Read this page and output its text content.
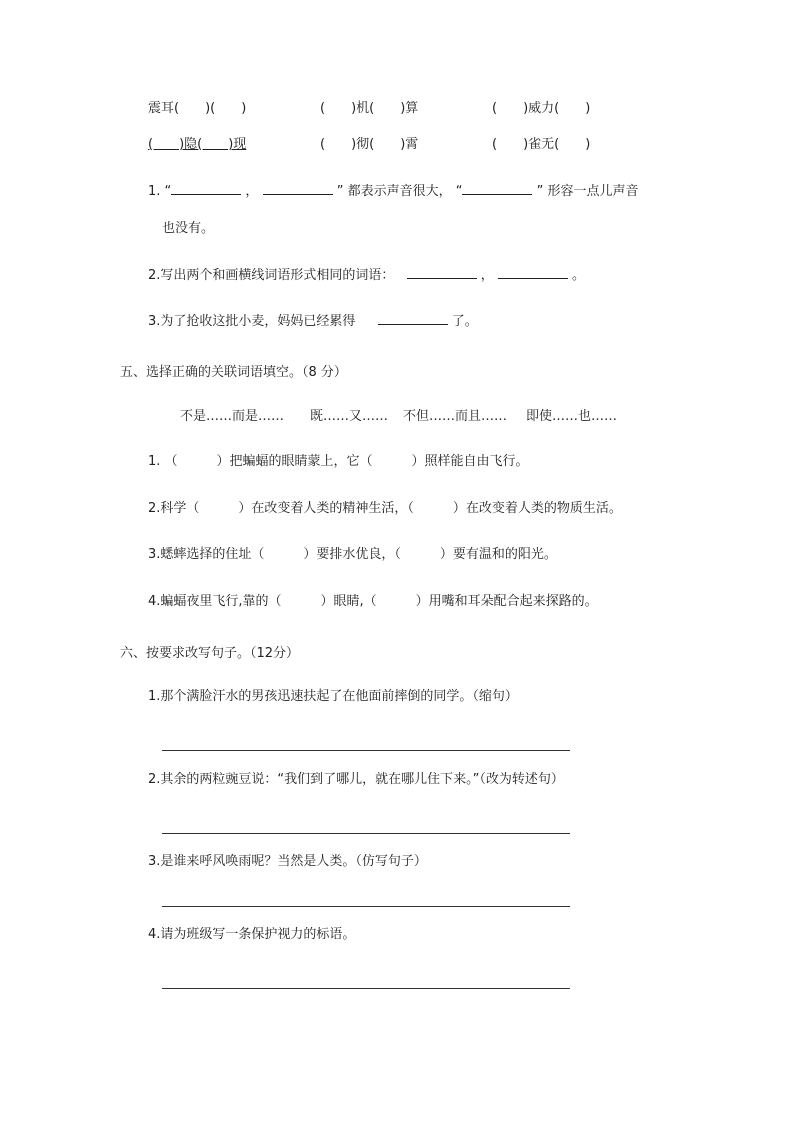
震耳(　　)(　　)	(　　)机(　　)算	(　　)威力(　　)
(　　)隐(　　)现	(　　)彻(　　)霄	(　　)雀无(　　)
1. “	，	” 都表示声音很大， “	” 形容一点儿声音
也没有。
2.写出两个和画横线词语形式相同的词语：	，	。
3.为了抢收这批小麦，妈妈已经累得	了。
五、选择正确的关联词语填空。（8 分）
不是……而是…… 既……又…… 不但……而且…… 即使……也……
1. （　　　）把蝙蝠的眼睛蒙上，它（　　　）照样能自由飞行。
2.科学（　　　）在改变着人类的精神生活，（　　　）在改变着人类的物质生活。
3.蟋蟀选择的住址（　　　）要排水优良，（　　　）要有温和的阳光。
4.蝙蝠夜里飞行,靠的（　　　）眼睛,（　　　）用嘴和耳朵配合起来探路的。
六、按要求改写句子。（12分）
1.那个满脸汗水的男孩迅速扶起了在他面前摔倒的同学。（缩句）
2.其余的两粒豌豆说：“我们到了哪儿，就在哪儿住下来。”（改为转述句）
3.是谁来呼风唤雨呢？当然是人类。（仿写句子）
4.请为班级写一条保护视力的标语。
